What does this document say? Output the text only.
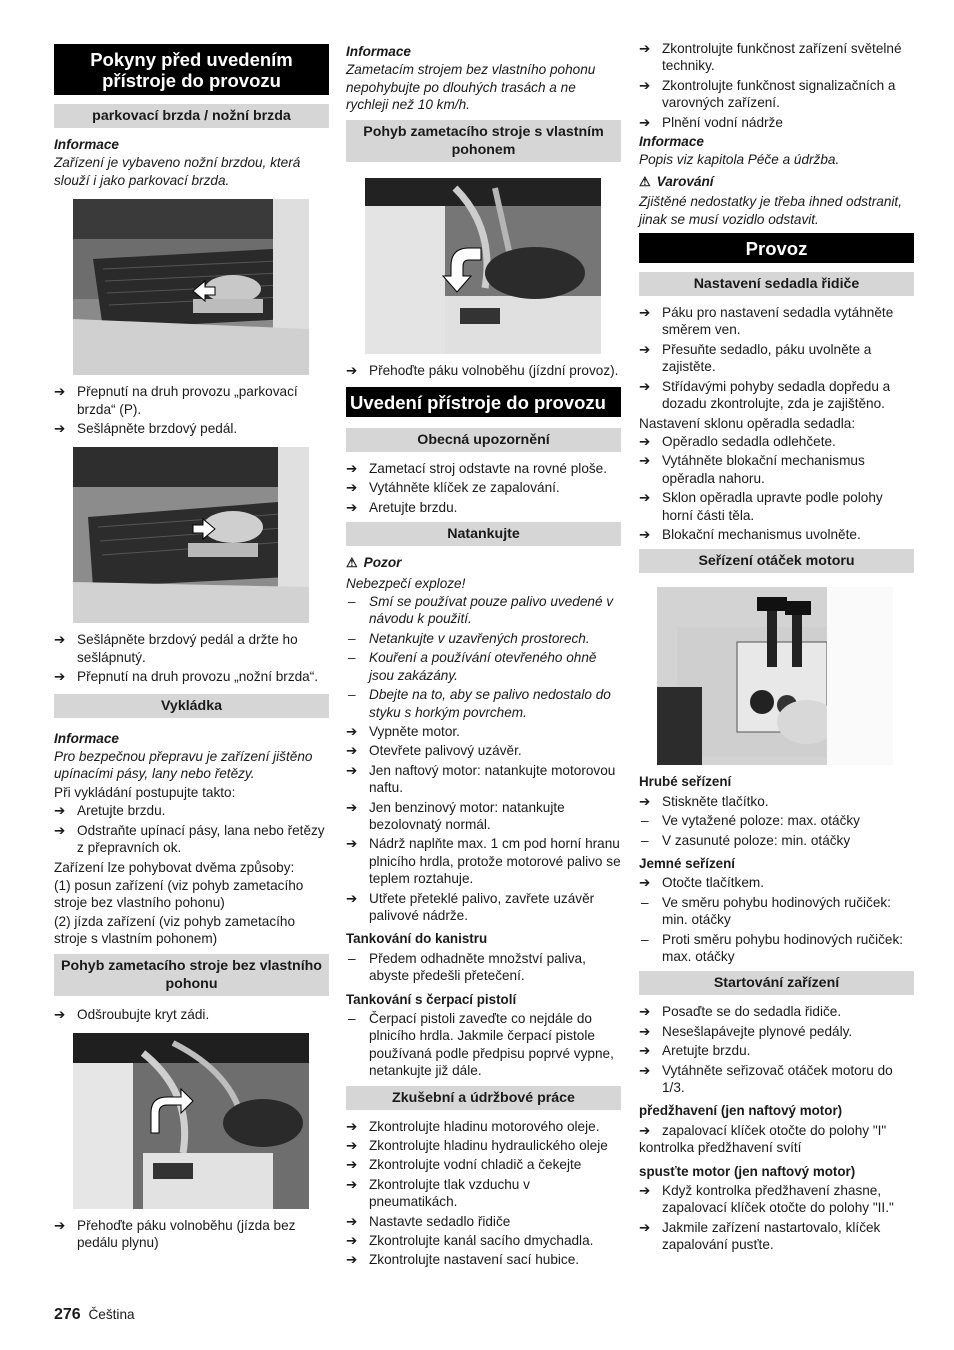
Pokyny před uvedením přístroje do provozu
parkovací brzda / nožní brzda
Informace
Zařízení je vybaveno nožní brzdou, která slouží i jako parkovací brzda.
➔ Přepnutí na druh provozu „parkovací brzda“ (P).
➔ Sešlápněte brzdový pedál.
➔ Sešlápněte brzdový pedál a držte ho sešlápnutý.
➔ Přepnutí na druh provozu „nožní brzda“.
Vykládka
Informace
Pro bezpečnou přepravu je zařízení jištěno upínacími pásy, lany nebo řetězy.
Při vykládání postupujte takto:
➔ Aretujte brzdu.
➔ Odstraňte upínací pásy, lana nebo řetězy z přepravních ok.
Zařízení lze pohybovat dvěma způsoby:
(1) posun zařízení (viz pohyb zametacího stroje bez vlastního pohonu)
(2) jízda zařízení (viz pohyb zametacího stroje s vlastním pohonem)
Pohyb zametacího stroje bez vlastního pohonu
➔ Odšroubujte kryt zádi.
➔ Přehoďte páku volnoběhu (jízda bez pedálu plynu)
Informace
Zametacím strojem bez vlastního pohonu nepohybujte po dlouhých trasách a ne rychleji než 10 km/h.
Pohyb zametacího stroje s vlastním pohonem
➔ Přehoďte páku volnoběhu (jízdní provoz).
Uvedení přístroje do provozu
Obecná upozornění
➔ Zametací stroj odstavte na rovné ploše.
➔ Vytáhněte klíček ze zapalování.
➔ Aretujte brzdu.
Natankujte
⚠ Pozor
Nebezpečí exploze!
– Smí se používat pouze palivo uvedené v návodu k použití.
– Netankujte v uzavřených prostorech.
– Kouření a používání otevřeného ohně jsou zakázány.
– Dbejte na to, aby se palivo nedostalo do styku s horkým povrchem.
➔ Vypněte motor.
➔ Otevřete palivový uzávěr.
➔ Jen naftový motor: natankujte motorovou naftu.
➔ Jen benzinový motor: natankujte bezolovnatý normál.
➔ Nádrž naplňte max. 1 cm pod horní hranu plnicího hrdla, protože motorové palivo se teplem roztahuje.
➔ Utřete přeteklé palivo, zavřete uzávěr palivové nádrže.
Tankování do kanistru
– Předem odhadněte množství paliva, abyste předešli přetečení.
Tankování s čerpací pistolí
– Čerpací pistoli zaveďte co nejdále do plnicího hrdla. Jakmile čerpací pistole používaná podle předpisu poprvé vypne, netankujte již dále.
Zkušební a údržbové práce
➔ Zkontrolujte hladinu motorového oleje.
➔ Zkontrolujte hladinu hydraulického oleje
➔ Zkontrolujte vodní chladič a čekejte
➔ Zkontrolujte tlak vzduchu v pneumatikách.
➔ Nastavte sedadlo řidiče
➔ Zkontrolujte kanál sacího dmychadla.
➔ Zkontrolujte nastavení sací hubice.
➔ Zkontrolujte funkčnost zařízení světelné techniky.
➔ Zkontrolujte funkčnost signalizačních a varovných zařízení.
➔ Plnění vodní nádrže
Informace
Popis viz kapitola Péče a údržba.
⚠ Varování
Zjištěné nedostatky je třeba ihned odstranit, jinak se musí vozidlo odstavit.
Provoz
Nastavení sedadla řidiče
➔ Páku pro nastavení sedadla vytáhněte směrem ven.
➔ Přesuňte sedadlo, páku uvolněte a zajistěte.
➔ Střídavými pohyby sedadla dopředu a dozadu zkontrolujte, zda je zajištěno.
Nastavení sklonu opěradla sedadla:
➔ Opěradlo sedadla odlehčete.
➔ Vytáhněte blokační mechanismus opěradla nahoru.
➔ Sklon opěradla upravte podle polohy horní části těla.
➔ Blokační mechanismus uvolněte.
Seřízení otáček motoru
Hrubé seřízení
➔ Stiskněte tlačítko.
– Ve vytažené poloze: max. otáčky
– V zasunuté poloze: min. otáčky
Jemné seřízení
➔ Otočte tlačítkem.
– Ve směru pohybu hodinových ručiček: min. otáčky
– Proti směru pohybu hodinových ručiček: max. otáčky
Startování zařízení
➔ Posaďte se do sedadla řidiče.
➔ Nesešlapávejte plynové pedály.
➔ Aretujte brzdu.
➔ Vytáhněte seřizovač otáček motoru do 1/3.
předžhavení (jen naftový motor)
➔ zapalovací klíček otočte do polohy "I"
kontrolka předžhavení svítí
spusťte motor (jen naftový motor)
➔ Když kontrolka předžhavení zhasne, zapalovací klíček otočte do polohy "II."
➔ Jakmile zařízení nastartovalo, klíček zapalování pusťte.
276 Čeština
